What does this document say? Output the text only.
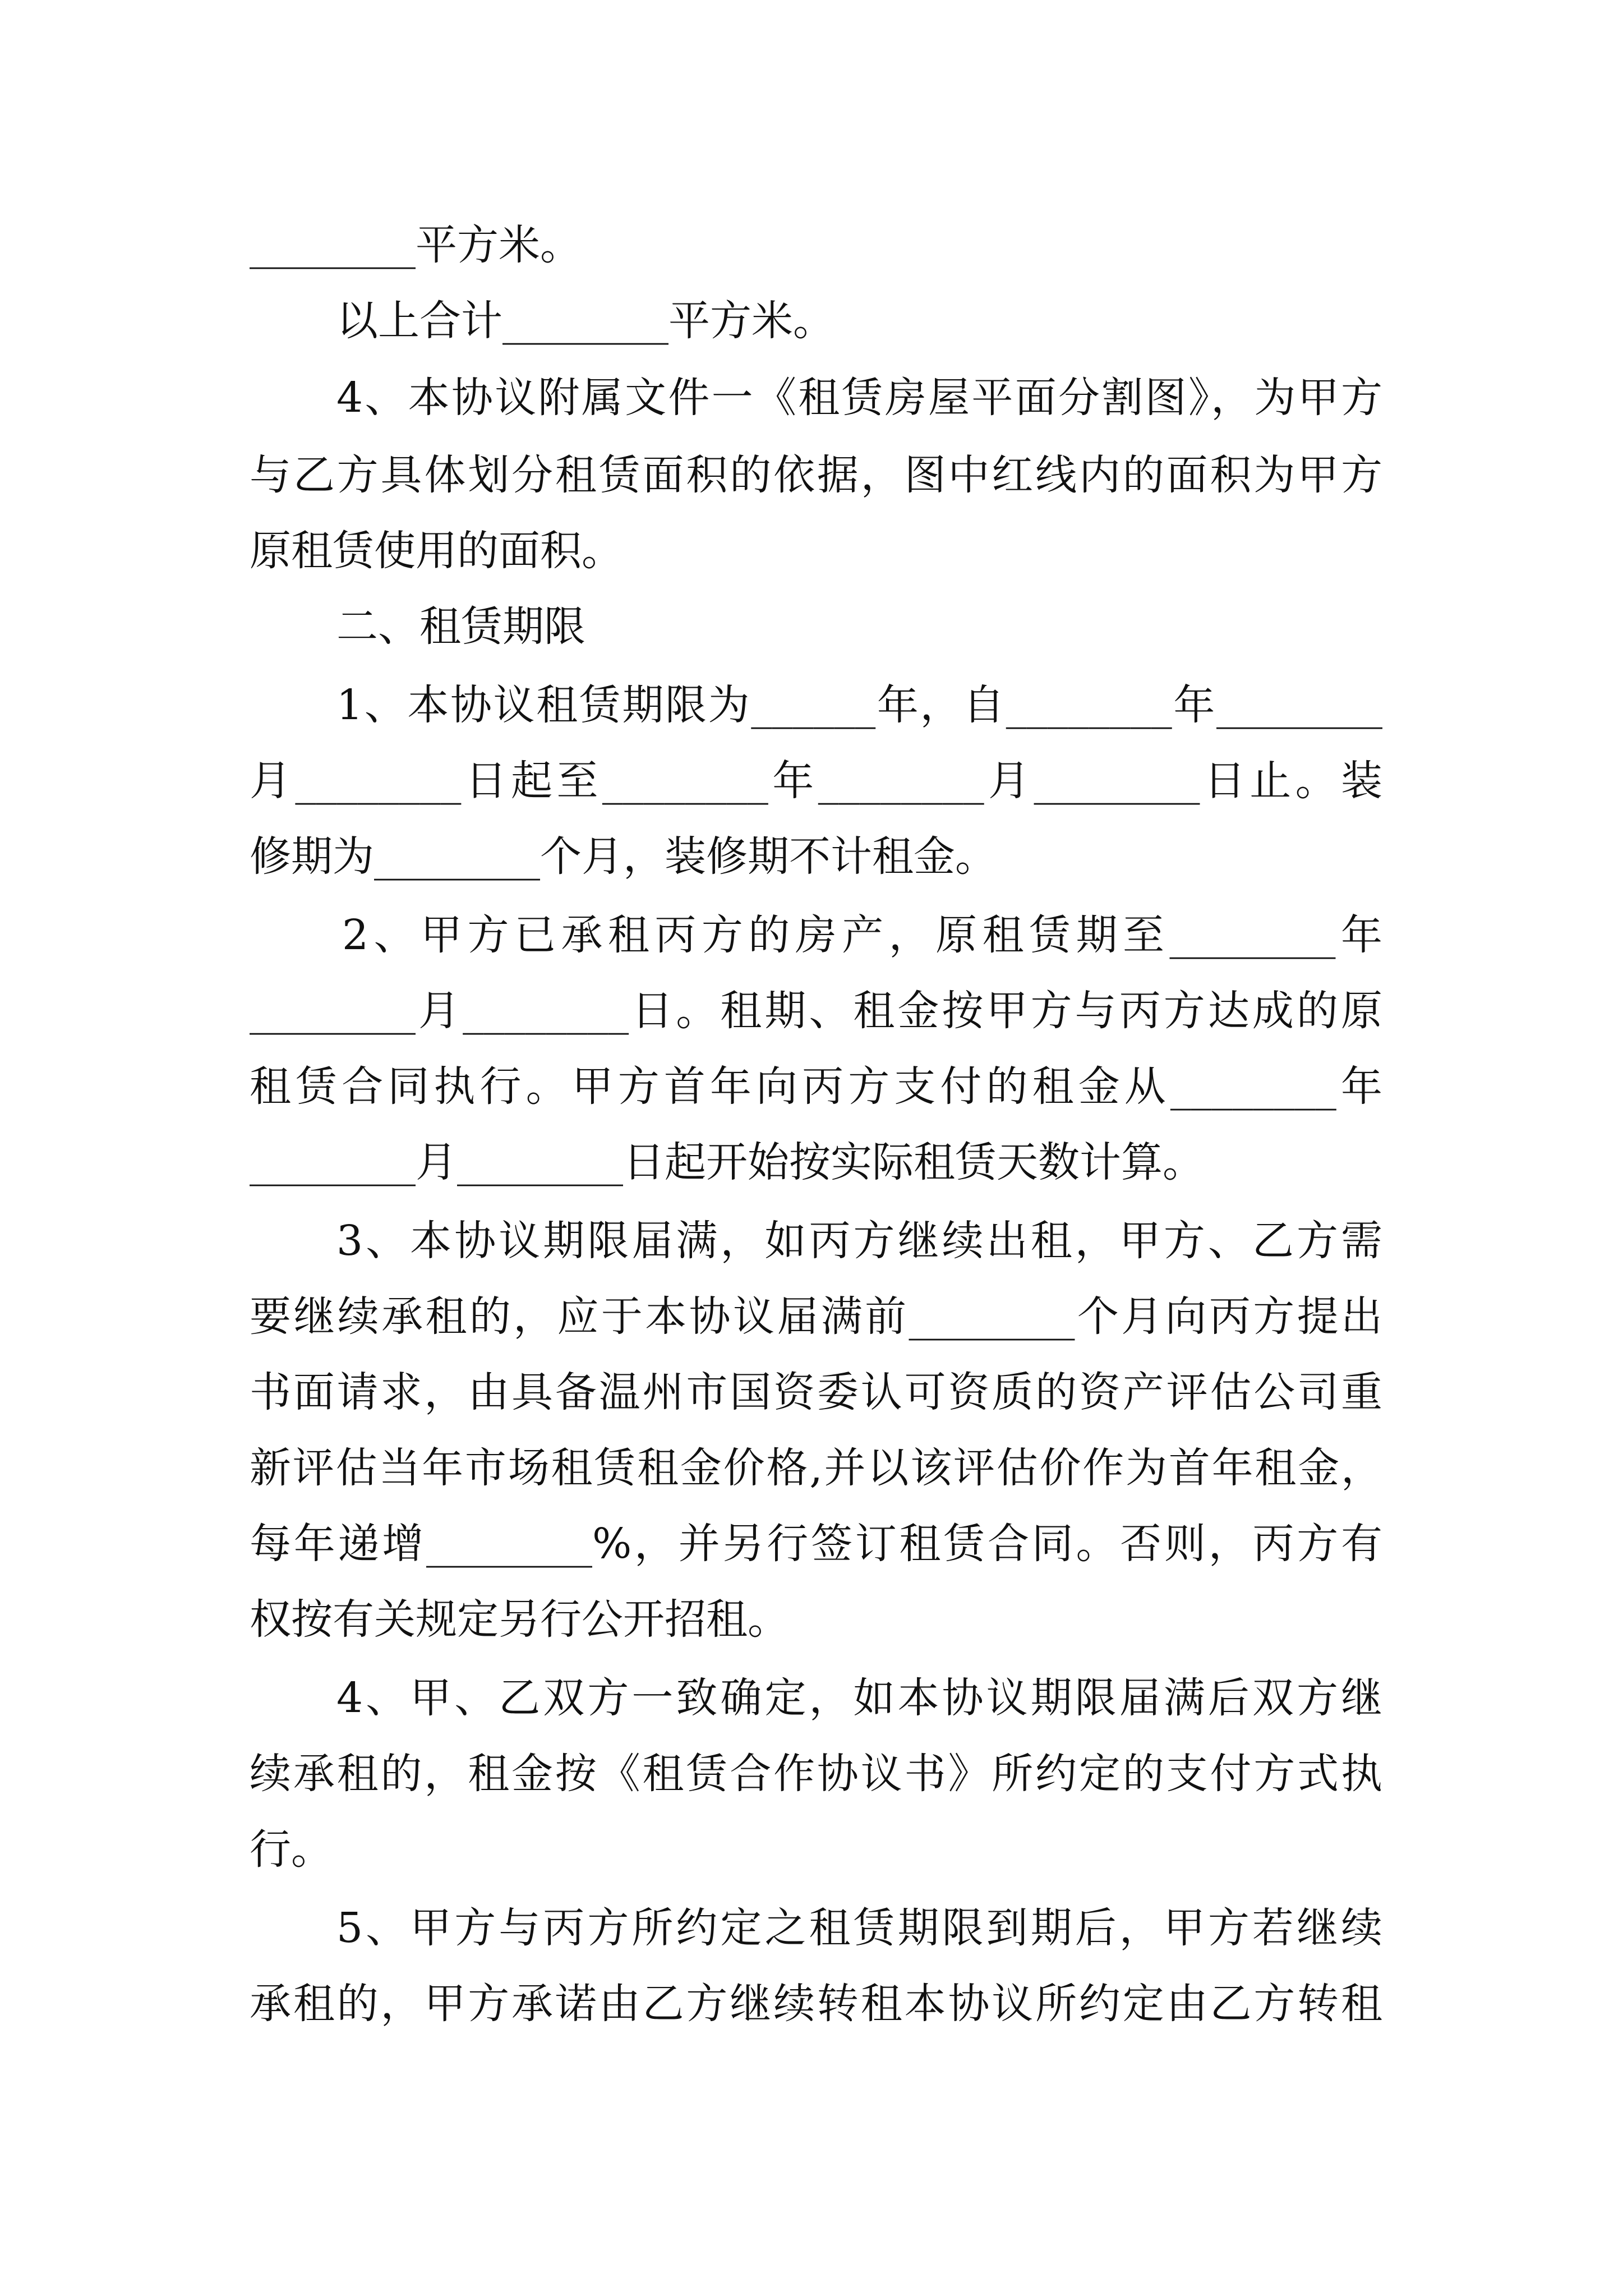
________平方米。
以上合计________平方米。
4、本协议附属文件一《租赁房屋平面分割图》，为甲方
与乙方具体划分租赁面积的依据，图中红线内的面积为甲方
原租赁使用的面积。
二、租赁期限
1、本协议租赁期限为______年，自________年________
月________日起至________年________月________日止。装
修期为________个月，装修期不计租金。
2、甲方已承租丙方的房产，原租赁期至________年
________月________日。租期、租金按甲方与丙方达成的原
租赁合同执行。甲方首年向丙方支付的租金从________年
________月________日起开始按实际租赁天数计算。
3、本协议期限届满，如丙方继续出租，甲方、乙方需
要继续承租的，应于本协议届满前________个月向丙方提出
书面请求，由具备温州市国资委认可资质的资产评估公司重
新评估当年市场租赁租金价格,并以该评估价作为首年租金，
每年递增________%，并另行签订租赁合同。否则，丙方有
权按有关规定另行公开招租。
4、甲、乙双方一致确定，如本协议期限届满后双方继
续承租的，租金按《租赁合作协议书》所约定的支付方式执
行。
5、甲方与丙方所约定之租赁期限到期后，甲方若继续
承租的，甲方承诺由乙方继续转租本协议所约定由乙方转租
